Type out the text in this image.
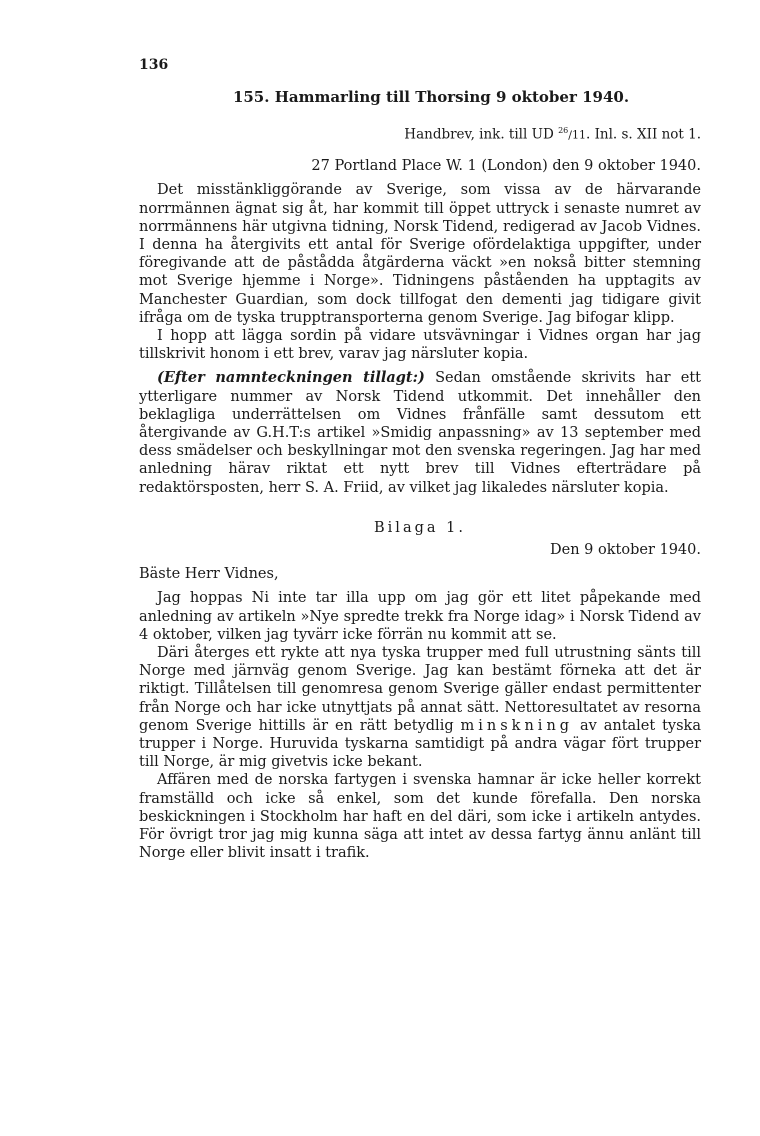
136
155. Hammarling till Thorsing 9 oktober 1940.
Handbrev, ink. till UD $^{26}$/11. Inl. s. XII not 1.
27 Portland Place W. 1 (London) den 9 oktober 1940.

Det misstänkliggörande av Sverige, som vissa av de härvarande norrmännen ägnat sig åt, har kommit till öppet uttryck i senaste numret av norrmännens här utgivna tidning, Norsk Tidend, redigerad av Jacob Vidnes. I denna ha återgivits ett antal för Sverige ofördelaktiga uppgifter, under föregivande att de påstådda åtgärderna väckt »en nokså bitter stemning mot Sverige hjemme i Norge». Tidningens påståenden ha upptagits av Manchester Guardian, som dock tillfogat den dementi jag tidigare givit ifråga om de tyska trupptransporterna genom Sverige. Jag bifogar klipp.

I hopp att lägga sordin på vidare utsvävningar i Vidnes organ har jag tillskrivit honom i ett brev, varav jag närsluter kopia.

(Efter namnteckningen tillagt:) Sedan omstående skrivits har ett ytterligare nummer av Norsk Tidend utkommit. Det innehåller den beklagliga underrättelsen om Vidnes frånfälle samt dessutom ett återgivande av G.H.T:s artikel »Smidig anpassning» av 13 september med dess smädelser och beskyllningar mot den svenska regeringen. Jag har med anledning härav riktat ett nytt brev till Vidnes efterträdare på redaktörsposten, herr S. A. Friid, av vilket jag likaledes närsluter kopia.

Bilaga 1.
Den 9 oktober 1940.
Bäste Herr Vidnes,

Jag hoppas Ni inte tar illa upp om jag gör ett litet påpekande med anledning av artikeln »Nye spredte trekk fra Norge idag» i Norsk Tidend av 4 oktober, vilken jag tyvärr icke förrän nu kommit att se.

Däri återges ett rykte att nya tyska trupper med full utrustning sänts till Norge med järnväg genom Sverige. Jag kan bestämt förneka att det är riktigt. Tillåtelsen till genomresa genom Sverige gäller endast permittenter från Norge och har icke utnyttjats på annat sätt. Nettoresultatet av resorna genom Sverige hittills är en rätt betydlig minskning av antalet tyska trupper i Norge. Huruvida tyskarna samtidigt på andra vägar fört trupper till Norge, är mig givetvis icke bekant.

Affären med de norska fartygen i svenska hamnar är icke heller korrekt framställd och icke så enkel, som det kunde förefalla. Den norska beskickningen i Stockholm har haft en del däri, som icke i artikeln antydes. För övrigt tror jag mig kunna säga att intet av dessa fartyg ännu anlänt till Norge eller blivit insatt i trafik.
